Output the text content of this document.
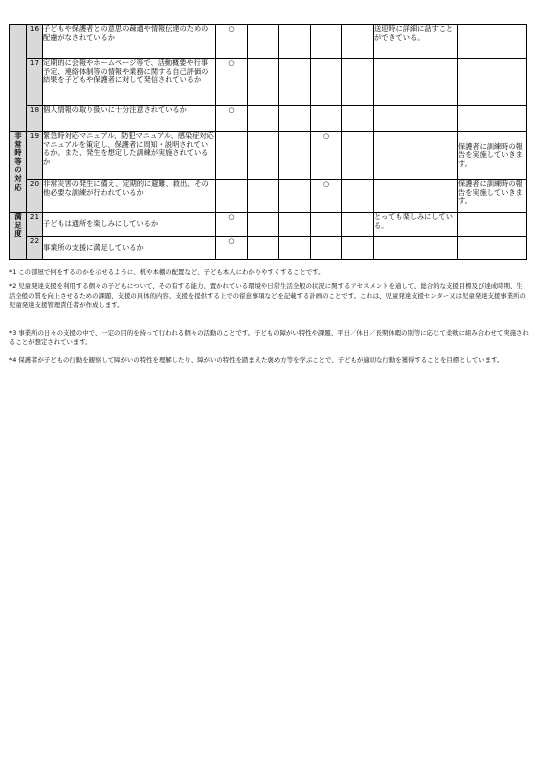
	16	子どもや保護者との意思の疎通や情報伝達のための配慮がなされているか	○					送迎時に詳細に話すことができている。	
	17	定期的に会報やホームページ等で、活動概要や行事予定、連絡体制等の情報や業務に関する自己評価の結果を子どもや保護者に対して発信されているか	○						
	18	個人情報の取り扱いに十分注意されているか	○						
非常時等の対応	19	緊急時対応マニュアル、防犯マニュアル、感染症対応マニュアルを策定し、保護者に周知・説明されているか。また、発生を想定した訓練が実施されているか				○			保護者に訓練時の報告を実施していきます。
	20	非常災害の発生に備え、定期的に避難、救出、その他必要な訓練が行われているか				○			保護者に訓練時の報告を実施していきます。
満足度	21	子どもは通所を楽しみにしているか	○					とっても楽しみにしている。	
	22	事業所の支援に満足しているか	○						

*1 この部屋で何をするのかを示せるように、机や本棚の配置など、子ども本人にわかりやすくすることです。

*2 児童発達支援を利用する個々の子どもについて、その有する能力、置かれている環境や日常生活全般の状況に関するアセスメントを通して、総合的な支援目標及び達成時期、生活全般の質を向上させるための課題、支援の具体的内容、支援を提供する上での留意事項などを記載する計画のことです。これは、児童発達支援センター又は児童発達支援事業所の児童発達支援管理責任者が作成します。

*3 事業所の日々の支援の中で、一定の目的を持って行われる個々の活動のことです。子どもの障がい特性や課題、平日／休日／長期休暇の別等に応じて柔軟に組み合わせて実施されることが想定されています。

*4 保護者が子どもの行動を観察して障がいの特性を理解したり、障がいの特性を踏まえた褒め方等を学ぶことで、子どもが適切な行動を獲得することを目標としています。
